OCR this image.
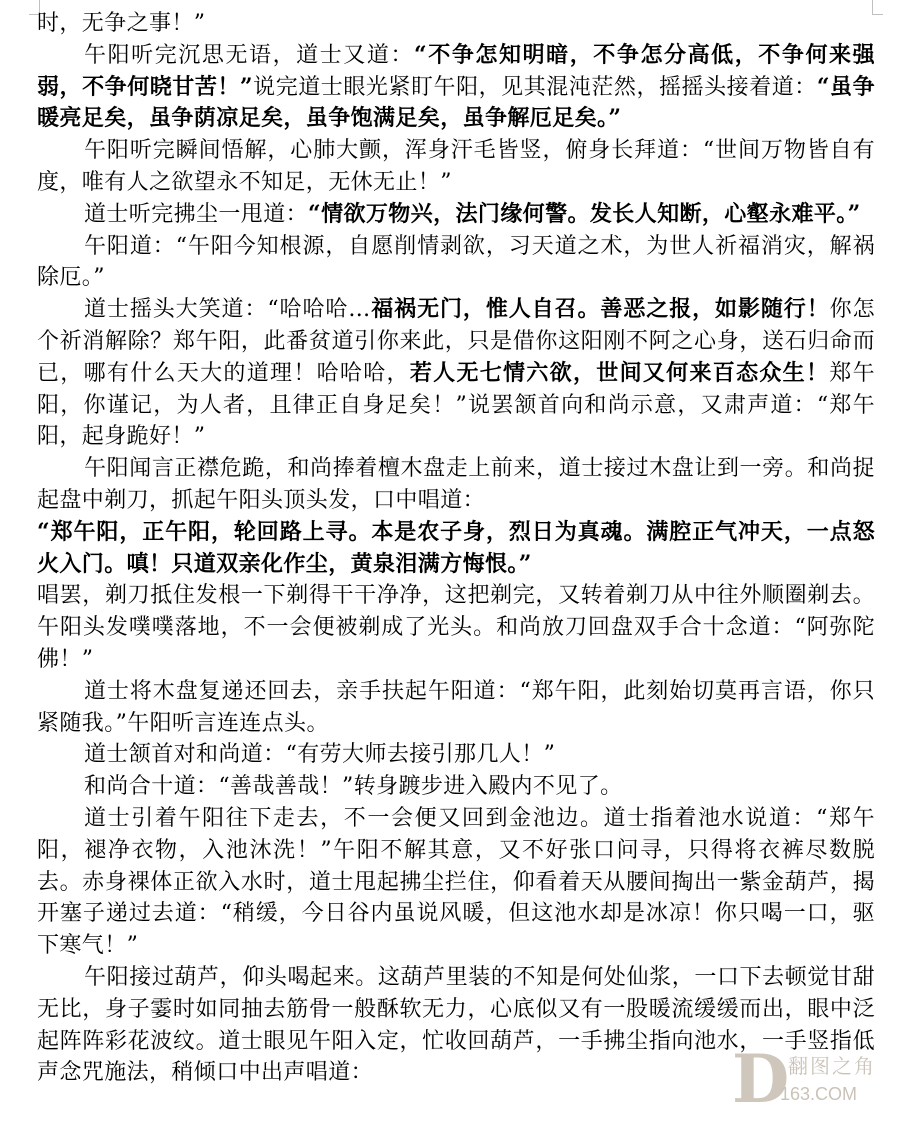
时，无争之事！”

午阳听完沉思无语，道士又道：“不争怎知明暗，不争怎分高低，不争何来强弱，不争何晓甘苦！”说完道士眼光紧盯午阳，见其混沌茫然，摇摇头接着道：“虽争暖亮足矣，虽争荫凉足矣，虽争饱满足矣，虽争解厄足矣。”

午阳听完瞬间悟解，心肺大颤，浑身汗毛皆竖，俯身长拜道：“世间万物皆自有度，唯有人之欲望永不知足，无休无止！”

道士听完拂尘一甩道：“情欲万物兴，法门缘何警。发长人知断，心壑永难平。”

午阳道：“午阳今知根源，自愿削情剥欲，习天道之术，为世人祈福消灾，解祸除厄。”

道士摇头大笑道：“哈哈哈…福祸无门，惟人自召。善恶之报，如影随行！你怎个祈消解除？郑午阳，此番贫道引你来此，只是借你这阳刚不阿之心身，送石归命而已，哪有什么天大的道理！哈哈哈，若人无七情六欲，世间又何来百态众生！郑午阳，你谨记，为人者，且律正自身足矣！”说罢颔首向和尚示意，又肃声道：“郑午阳，起身跪好！”

午阳闻言正襟危跪，和尚捧着檀木盘走上前来，道士接过木盘让到一旁。和尚捉起盘中剃刀，抓起午阳头顶头发，口中唱道：

“郑午阳，正午阳，轮回路上寻。本是农子身，烈日为真魂。满腔正气冲天，一点怒火入门。嗔！只道双亲化作尘，黄泉泪满方悔恨。”

唱罢，剃刀抵住发根一下剃得干干净净，这把剃完，又转着剃刀从中往外顺圈剃去。午阳头发噗噗落地，不一会便被剃成了光头。和尚放刀回盘双手合十念道：“阿弥陀佛！”

道士将木盘复递还回去，亲手扶起午阳道：“郑午阳，此刻始切莫再言语，你只紧随我。”午阳听言连连点头。

道士颔首对和尚道：“有劳大师去接引那几人！”

和尚合十道：“善哉善哉！”转身踱步进入殿内不见了。

道士引着午阳往下走去，不一会便又回到金池边。道士指着池水说道：“郑午阳，褪净衣物，入池沐洗！”午阳不解其意，又不好张口问寻，只得将衣裤尽数脱去。赤身裸体正欲入水时，道士甩起拂尘拦住，仰看着天从腰间掏出一紫金葫芦，揭开塞子递过去道：“稍缓，今日谷内虽说风暖，但这池水却是冰凉！你只喝一口，驱下寒气！”

午阳接过葫芦，仰头喝起来。这葫芦里装的不知是何处仙浆，一口下去顿觉甘甜无比，身子霎时如同抽去筋骨一般酥软无力，心底似又有一股暖流缓缓而出，眼中泛起阵阵彩花波纹。道士眼见午阳入定，忙收回葫芦，一手拂尘指向池水，一手竖指低声念咒施法，稍倾口中出声唱道：	D
翻图之角
163.COM
